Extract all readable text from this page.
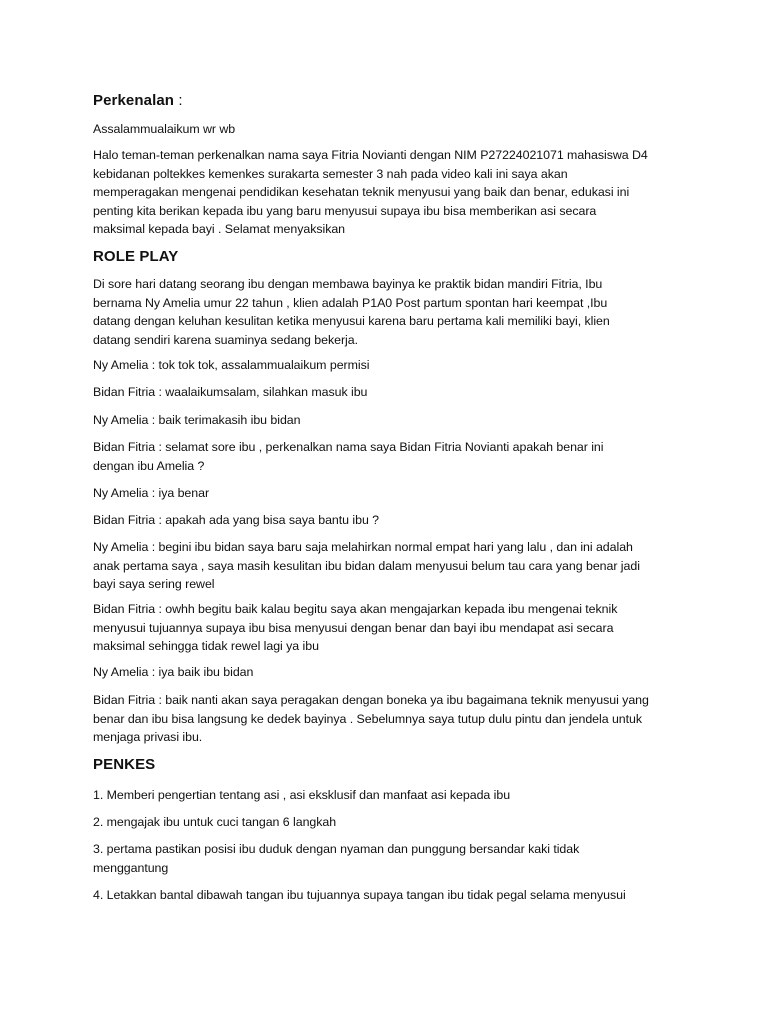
Perkenalan :
Assalammualaikum wr wb
Halo teman-teman perkenalkan nama saya Fitria Novianti dengan NIM P27224021071 mahasiswa D4
kebidanan poltekkes kemenkes surakarta semester 3 nah pada video kali ini saya akan
memperagakan mengenai pendidikan kesehatan teknik menyusui yang baik dan benar, edukasi ini
penting kita berikan kepada ibu yang baru menyusui supaya ibu bisa memberikan asi secara
maksimal kepada bayi . Selamat menyaksikan
ROLE PLAY
Di sore hari datang seorang ibu dengan membawa bayinya ke praktik bidan mandiri Fitria, Ibu
bernama Ny Amelia umur 22 tahun , klien adalah P1A0 Post partum spontan hari keempat ,Ibu
datang dengan keluhan kesulitan ketika menyusui karena baru pertama kali memiliki bayi, klien
datang sendiri karena suaminya sedang bekerja.
Ny Amelia : tok tok tok, assalammualaikum permisi
Bidan Fitria : waalaikumsalam, silahkan masuk ibu
Ny Amelia : baik terimakasih ibu bidan
Bidan Fitria : selamat sore ibu , perkenalkan nama saya Bidan Fitria Novianti apakah benar ini
dengan ibu Amelia ?
Ny Amelia : iya benar
Bidan Fitria : apakah ada yang bisa saya bantu ibu ?
Ny Amelia : begini ibu bidan saya baru saja melahirkan normal empat hari yang lalu , dan ini adalah
anak pertama saya , saya masih kesulitan ibu bidan dalam menyusui belum tau cara yang benar jadi
bayi saya sering rewel
Bidan Fitria : owhh begitu baik kalau begitu saya akan mengajarkan kepada ibu mengenai teknik
menyusui tujuannya supaya ibu bisa menyusui dengan benar dan bayi ibu mendapat asi secara
maksimal sehingga tidak rewel lagi ya ibu
Ny Amelia : iya baik ibu bidan
Bidan Fitria : baik nanti akan saya peragakan dengan boneka ya ibu bagaimana teknik menyusui yang
benar dan ibu bisa langsung ke dedek bayinya . Sebelumnya saya tutup dulu pintu dan jendela untuk
menjaga privasi ibu.
PENKES
1. Memberi pengertian tentang asi , asi eksklusif dan manfaat asi kepada ibu
2. mengajak ibu untuk cuci tangan 6 langkah
3. pertama pastikan posisi ibu duduk dengan nyaman dan punggung bersandar kaki tidak
menggantung
4. Letakkan bantal dibawah tangan ibu tujuannya supaya tangan ibu tidak pegal selama menyusui
